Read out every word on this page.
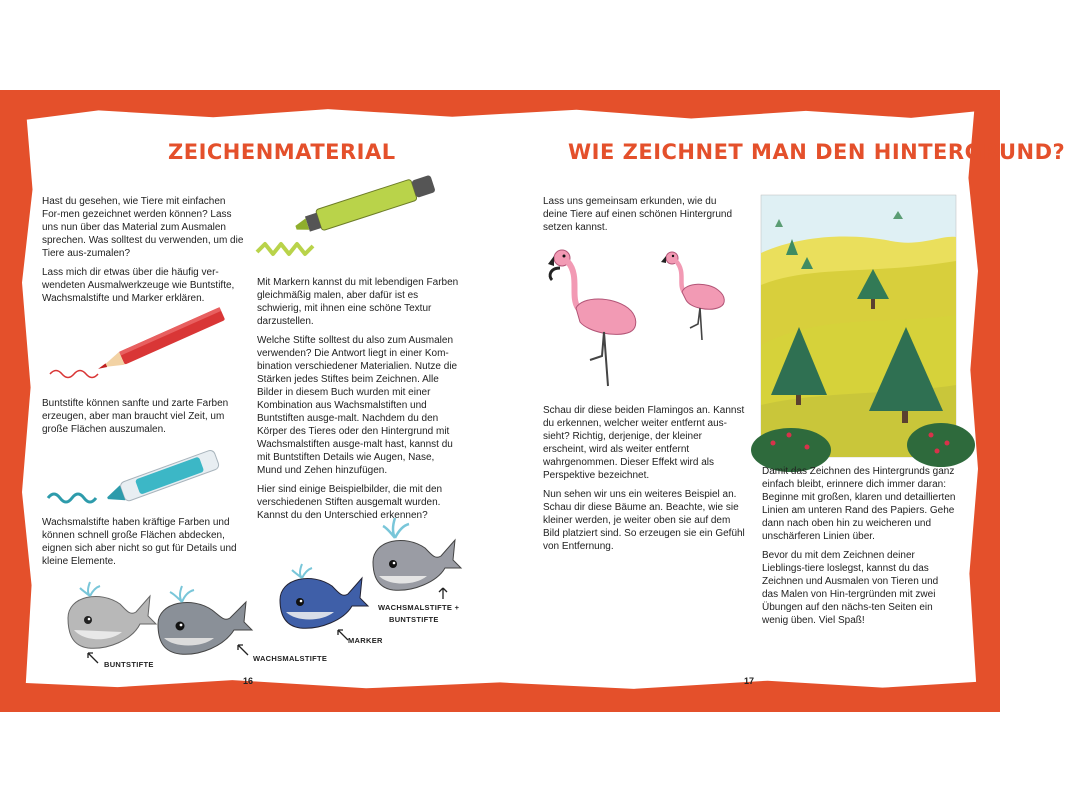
ZEICHENMATERIAL

Hast du gesehen, wie Tiere mit einfachen For-men gezeichnet werden können? Lass uns nun über das Material zum Ausmalen sprechen. Was solltest du verwenden, um die Tiere aus-zumalen?

Lass mich dir etwas über die häufig ver-wendeten Ausmalwerkzeuge wie Buntstifte, Wachsmalstifte und Marker erklären.

Buntstifte können sanfte und zarte Farben erzeugen, aber man braucht viel Zeit, um große Flächen auszumalen.
Wachsmalstifte haben kräftige Farben und können schnell große Flächen abdecken, eignen sich aber nicht so gut für Details und kleine Elemente.

Mit Markern kannst du mit lebendigen Farben gleichmäßig malen, aber dafür ist es schwierig, mit ihnen eine schöne Textur darzustellen.

Welche Stifte solltest du also zum Ausmalen verwenden? Die Antwort liegt in einer Kom-bination verschiedener Materialien. Nutze die Stärken jedes Stiftes beim Zeichnen. Alle Bilder in diesem Buch wurden mit einer Kombination aus Wachsmalstiften und Buntstiften ausge-malt. Nachdem du den Körper des Tieres oder den Hintergrund mit Wachsmalstiften ausge-malt hast, kannst du mit Buntstiften Details wie Augen, Nase, Mund und Zehen hinzufügen.

Hier sind einige Beispielbilder, die mit den verschiedenen Stiften ausgemalt wurden. Kannst du den Unterschied erkennen?

BUNTSTIFTE
WACHSMALSTIFTE
MARKER
WACHSMALSTIFTE +
BUNTSTIFTE
16
WIE ZEICHNET MAN DEN HINTERGRUND?
Lass uns gemeinsam erkunden, wie du deine Tiere auf einen schönen Hintergrund setzen kannst.

Schau dir diese beiden Flamingos an. Kannst du erkennen, welcher weiter entfernt aus-sieht? Richtig, derjenige, der kleiner erscheint, wird als weiter entfernt wahrgenommen. Dieser Effekt wird als Perspektive bezeichnet.

Nun sehen wir uns ein weiteres Beispiel an. Schau dir diese Bäume an. Beachte, wie sie kleiner werden, je weiter oben sie auf dem Bild platziert sind. So erzeugen sie ein Gefühl von Entfernung.

Damit das Zeichnen des Hintergrunds ganz einfach bleibt, erinnere dich immer daran: Beginne mit großen, klaren und detaillierten Linien am unteren Rand des Papiers. Gehe dann nach oben hin zu weicheren und unschärferen Linien über.

Bevor du mit dem Zeichnen deiner Lieblings-tiere loslegst, kannst du das Zeichnen und Ausmalen von Tieren und das Malen von Hin-tergründen mit zwei Übungen auf den nächs-ten Seiten ein wenig üben. Viel Spaß!

17
